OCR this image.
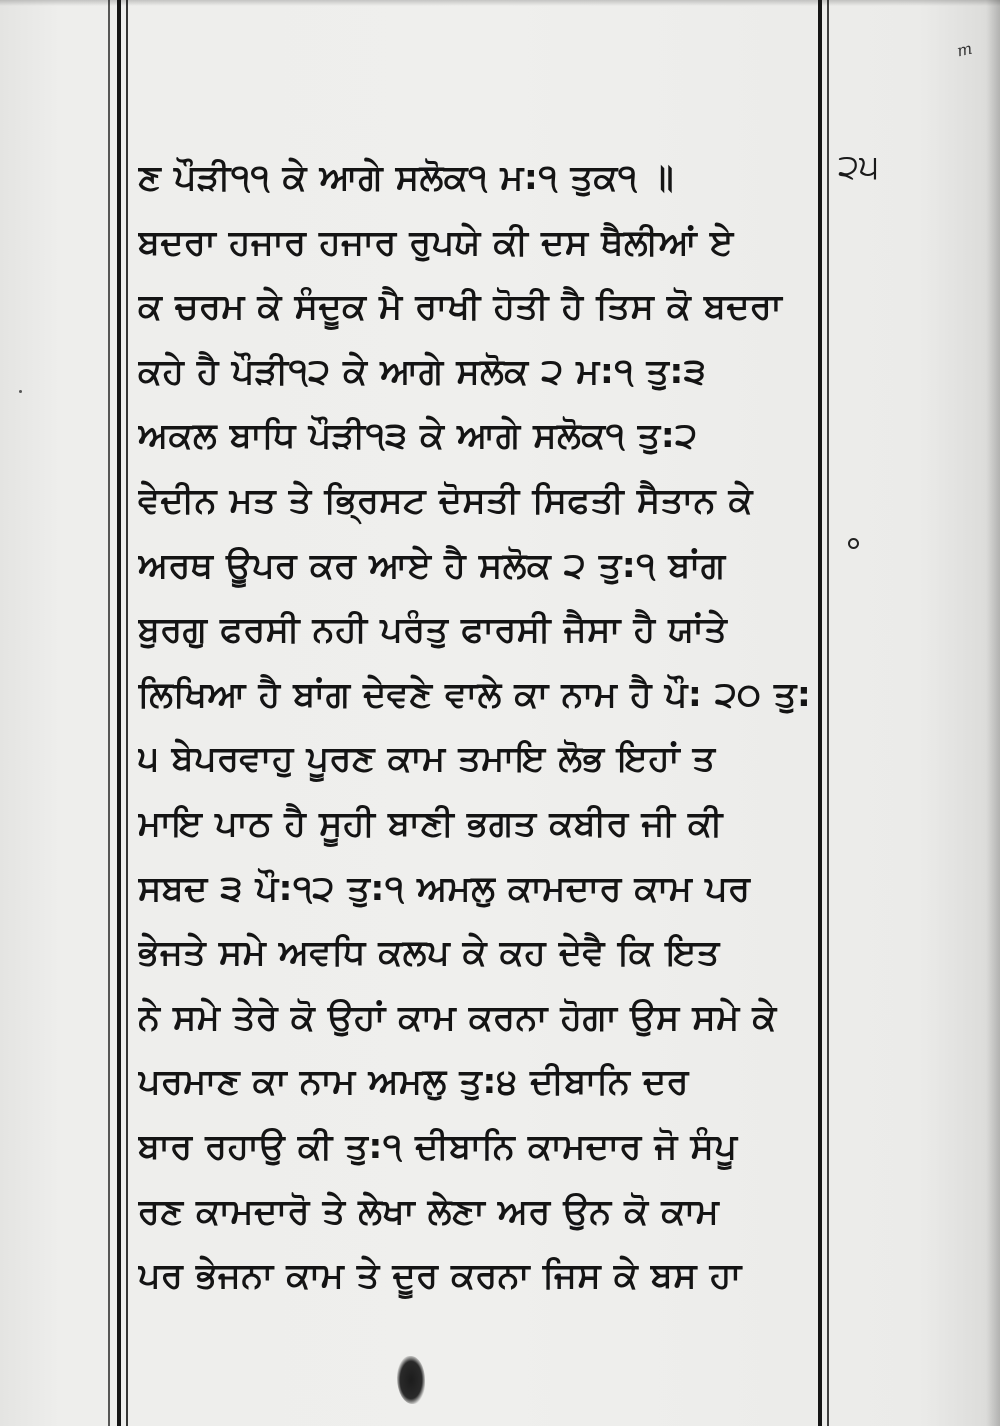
m
੨੫
ਣ ਪੌੜੀ੧੧ ਕੇ ਆਗੇ ਸਲੋਕ੧ ਮ:੧ ਤੁਕ੧ ॥
ਬਦਰਾ ਹਜਾਰ ਹਜਾਰ ਰੁਪਯੇ ਕੀ ਦਸ ਥੈਲੀਆਂ ਏ
ਕ ਚਰਮ ਕੇ ਸੰਦੂਕ ਮੈ ਰਾਖੀ ਹੋਤੀ ਹੈ ਤਿਸ ਕੋ ਬਦਰਾ
ਕਹੇ ਹੈ ਪੌੜੀ੧੨ ਕੇ ਆਗੇ ਸਲੋਕ ੨ ਮ:੧ ਤੁ:੩
ਅਕਲ ਬਾਧਿ ਪੌੜੀ੧੩ ਕੇ ਆਗੇ ਸਲੋਕ੧ ਤੁ:੨
ਵੇਦੀਨ ਮਤ ਤੇ ਭ੍ਰਿਸਟ ਦੋਸਤੀ ਸਿਫਤੀ ਸੈਤਾਨ ਕੇ
ਅਰਥ ਊਪਰ ਕਰ ਆਏ ਹੈ ਸਲੋਕ ੨ ਤੁ:੧ ਬਾਂਗ
ਬੁਰਗੁ ਫਰਸੀ ਨਹੀ ਪਰੰਤੁ ਫਾਰਸੀ ਜੈਸਾ ਹੈ ਯਾਂਤੇ
ਲਿਖਿਆ ਹੈ ਬਾਂਗ ਦੇਵਣੇ ਵਾਲੇ ਕਾ ਨਾਮ ਹੈ ਪੌ: ੨੦ ਤੁ:
੫ ਬੇਪਰਵਾਹੁ ਪੂਰਣ ਕਾਮ ਤਮਾਇ ਲੋਭ ਇਹਾਂ ਤ
ਮਾਇ ਪਾਠ ਹੈ ਸੂਹੀ ਬਾਣੀ ਭਗਤ ਕਬੀਰ ਜੀ ਕੀ
ਸਬਦ ੩ ਪੌ:੧੨ ਤੁ:੧ ਅਮਲੁ ਕਾਮਦਾਰ ਕਾਮ ਪਰ
ਭੇਜਤੇ ਸਮੇ ਅਵਧਿ ਕਲਪ ਕੇ ਕਹ ਦੇਵੈ ਕਿ ਇਤ
ਨੇ ਸਮੇ ਤੇਰੇ ਕੋ ਉਹਾਂ ਕਾਮ ਕਰਨਾ ਹੋਗਾ ਉਸ ਸਮੇ ਕੇ
ਪਰਮਾਣ ਕਾ ਨਾਮ ਅਮਲੁ ਤੁ:੪ ਦੀਬਾਨਿ ਦਰ
ਬਾਰ ਰਹਾਉ ਕੀ ਤੁ:੧ ਦੀਬਾਨਿ ਕਾਮਦਾਰ ਜੋ ਸੰਪੂ
ਰਣ ਕਾਮਦਾਰੋ ਤੇ ਲੇਖਾ ਲੇਣਾ ਅਰ ਉਨ ਕੋ ਕਾਮ
ਪਰ ਭੇਜਨਾ ਕਾਮ ਤੇ ਦੂਰ ਕਰਨਾ ਜਿਸ ਕੇ ਬਸ ਹਾ
